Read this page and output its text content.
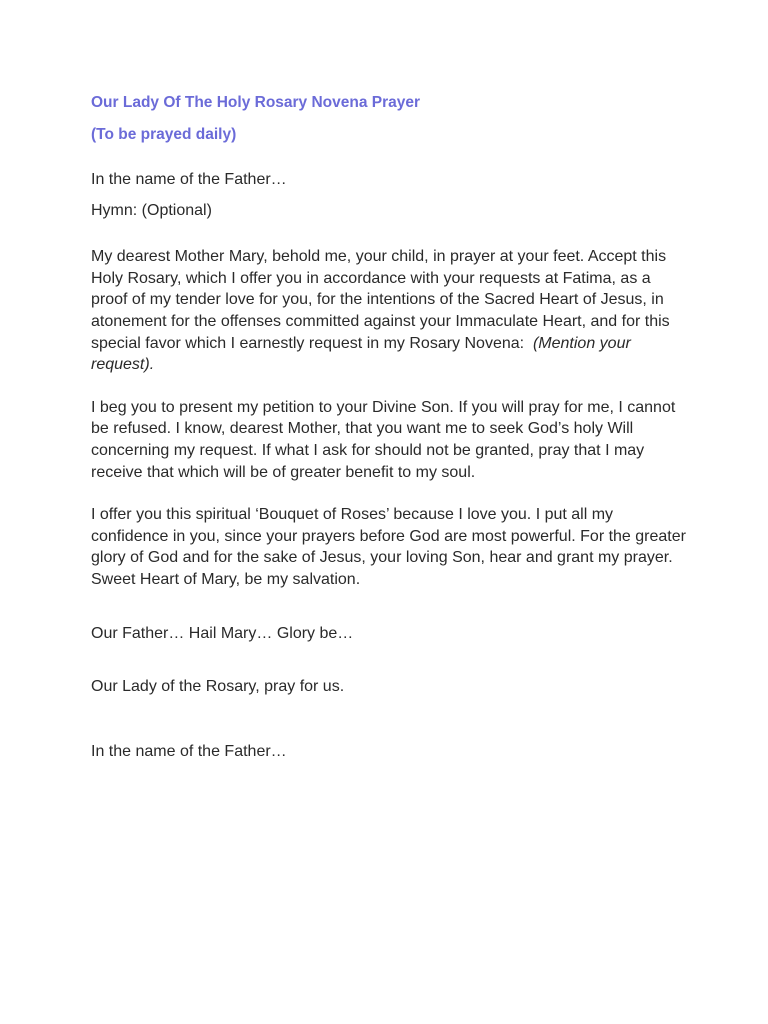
Our Lady Of The Holy Rosary Novena Prayer
(To be prayed daily)

In the name of the Father…

Hymn: (Optional)

My dearest Mother Mary, behold me, your child, in prayer at your feet. Accept this Holy Rosary, which I offer you in accordance with your requests at Fatima, as a proof of my tender love for you, for the intentions of the Sacred Heart of Jesus, in atonement for the offenses committed against your Immaculate Heart, and for this special favor which I earnestly request in my Rosary Novena: (Mention your request).

I beg you to present my petition to your Divine Son. If you will pray for me, I cannot be refused. I know, dearest Mother, that you want me to seek God’s holy Will concerning my request. If what I ask for should not be granted, pray that I may receive that which will be of greater benefit to my soul.

I offer you this spiritual ‘Bouquet of Roses’ because I love you. I put all my confidence in you, since your prayers before God are most powerful. For the greater glory of God and for the sake of Jesus, your loving Son, hear and grant my prayer. Sweet Heart of Mary, be my salvation.

Our Father… Hail Mary… Glory be…

Our Lady of the Rosary, pray for us.

In the name of the Father…
